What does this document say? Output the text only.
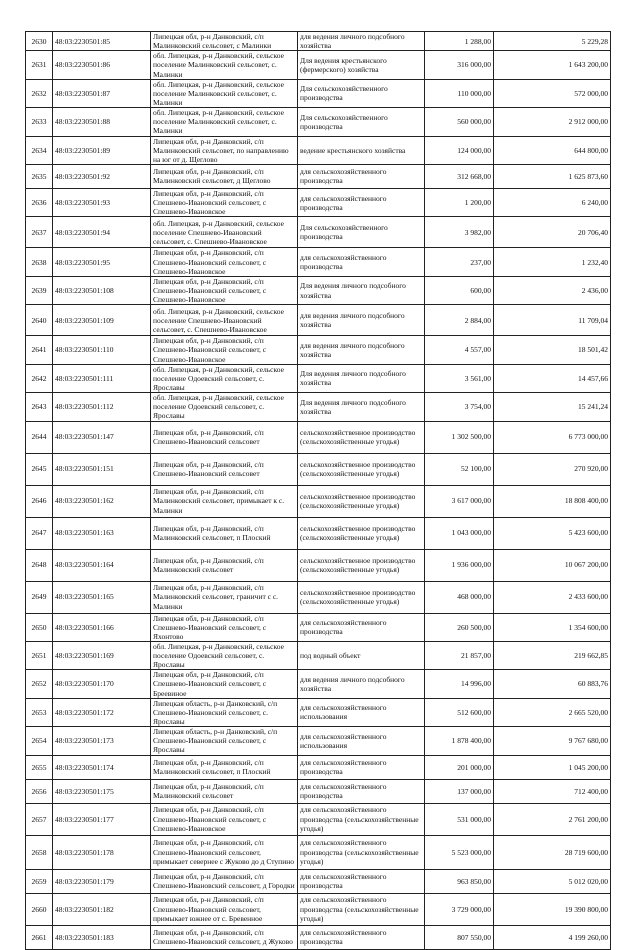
2630	48:03:2230501:85	Липецкая обл, р-н Данковский, с/п Малинковский сельсовет, с Малинки	для ведения личного подсобного хозяйства	1 288,00	5 229,28
2631	48:03:2230501:86	обл. Липецкая, р-н Данковский, сельское поселение Малинковский сельсовет, с. Малинки	Для ведения крестьянского (фермерского) хозяйства	316 000,00	1 643 200,00
2632	48:03:2230501:87	обл. Липецкая, р-н Данковский, сельское поселение Малинковский сельсовет, с. Малинки	Для сельскохозяйственного производства	110 000,00	572 000,00
2633	48:03:2230501:88	обл. Липецкая, р-н Данковский, сельское поселение Малинковский сельсовет, с. Малинки	Для сельскохозяйственного производства	560 000,00	2 912 000,00
2634	48:03:2230501:89	Липецкая обл, р-н Данковский, с/п Малинковский сельсовет, по направлению на юг от д. Щеглово	ведение крестьянского хозяйства	124 000,00	644 800,00
2635	48:03:2230501:92	Липецкая обл, р-н Данковский, с/п Малинковский сельсовет, д Щеглово	для сельскохозяйственного производства	312 668,00	1 625 873,60
2636	48:03:2230501:93	Липецкая обл, р-н Данковский, с/п Спешнево-Ивановский сельсовет, с Спешнево-Ивановское	для сельскохозяйственного производства	1 200,00	6 240,00
2637	48:03:2230501:94	обл. Липецкая, р-н Данковский, сельское поселение Спешнево-Ивановский сельсовет, с. Спешнево-Ивановское	Для сельскохозяйственного производства	3 982,00	20 706,40
2638	48:03:2230501:95	Липецкая обл, р-н Данковский, с/п Спешнево-Ивановский сельсовет, с Спешнево-Ивановское	для сельскохозяйственного производства	237,00	1 232,40
2639	48:03:2230501:108	Липецкая обл, р-н Данковский, с/п Спешнево-Ивановский сельсовет, с Спешнево-Ивановское	Для ведения личного подсобного хозяйства	600,00	2 436,00
2640	48:03:2230501:109	обл. Липецкая, р-н Данковский, сельское поселение Спешнево-Ивановский сельсовет, с. Спешнево-Ивановское	для ведения личного подсобного хозяйства	2 884,00	11 709,04
2641	48:03:2230501:110	Липецкая обл, р-н Данковский, с/п Спешнево-Ивановский сельсовет, с Спешнево-Ивановское	для ведения личного подсобного хозяйства	4 557,00	18 501,42
2642	48:03:2230501:111	обл. Липецкая, р-н Данковский, сельское поселение Одоевский сельсовет, с. Ярославы	Для ведения личного подсобного хозяйства	3 561,00	14 457,66
2643	48:03:2230501:112	обл. Липецкая, р-н Данковский, сельское поселение Одоевский сельсовет, с. Ярославы	Для ведения личного подсобного хозяйства	3 754,00	15 241,24
2644	48:03:2230501:147	Липецкая обл, р-н Данковский, с/п Спешнево-Ивановский сельсовет	сельскохозяйственное производство (сельскохозяйственные угодья)	1 302 500,00	6 773 000,00
2645	48:03:2230501:151	Липецкая обл, р-н Данковский, с/п Спешнево-Ивановский сельсовет	сельскохозяйственное производство (сельскохозяйственные угодья)	52 100,00	270 920,00
2646	48:03:2230501:162	Липецкая обл, р-н Данковский, с/п Малинковский сельсовет, примыкает к с. Малинки	сельскохозяйственное производство (сельскохозяйственные угодья)	3 617 000,00	18 808 400,00
2647	48:03:2230501:163	Липецкая обл, р-н Данковский, с/п Малинковский сельсовет, п Плоский	сельскохозяйственное производство (сельскохозяйственные угодья)	1 043 000,00	5 423 600,00
2648	48:03:2230501:164	Липецкая обл, р-н Данковский, с/п Малинковский сельсовет	сельскохозяйственное производство (сельскохозяйственные угодья)	1 936 000,00	10 067 200,00
2649	48:03:2230501:165	Липецкая обл, р-н Данковский, с/п Малинковский сельсовет, граничит с с. Малинки	сельскохозяйственное производство (сельскохозяйственные угодья)	468 000,00	2 433 600,00
2650	48:03:2230501:166	Липецкая обл, р-н Данковский, с/п Спешнево-Ивановский сельсовет, с Яхонтово	для сельскохозяйственного производства	260 500,00	1 354 600,00
2651	48:03:2230501:169	обл. Липецкая, р-н Данковский, сельское поселение Одоевский сельсовет, с. Ярославы	под водный объект	21 857,00	219 662,85
2652	48:03:2230501:170	Липецкая обл, р-н Данковский, с/п Спешнево-Ивановский сельсовет, с Бреевиное	для ведения личного подсобного хозяйства	14 996,00	60 883,76
2653	48:03:2230501:172	Липецкая область, р-н Данковский, с/п Спешнево-Ивановский сельсовет, с. Ярославы	для сельскохозяйственного использования	512 600,00	2 665 520,00
2654	48:03:2230501:173	Липецкая область, р-н Данковский, с/п Спешнево-Ивановский сельсовет, с Ярославы	для сельскохозяйственного использования	1 878 400,00	9 767 680,00
2655	48:03:2230501:174	Липецкая обл, р-н Данковский, с/п Малинковский сельсовет, п Плоский	для сельскохозяйственного производства	201 000,00	1 045 200,00
2656	48:03:2230501:175	Липецкая обл, р-н Данковский, с/п Малинковский сельсовет	для сельскохозяйственного производства	137 000,00	712 400,00
2657	48:03:2230501:177	Липецкая обл, р-н Данковский, с/п Спешнево-Ивановский сельсовет, с Спешнево-Ивановское	для сельскохозяйственного производства (сельскохозяйственные угодья)	531 000,00	2 761 200,00
2658	48:03:2230501:178	Липецкая обл, р-н Данковский, с/п Спешнево-Ивановский сельсовет, примыкает севернее с Жуково до д Ступино	для сельскохозяйственного производства (сельскохозяйственные угодья)	5 523 000,00	28 719 600,00
2659	48:03:2230501:179	Липецкая обл, р-н Данковский, с/п Спешнево-Ивановский сельсовет, д Городки	для сельскохозяйственного производства	963 850,00	5 012 020,00
2660	48:03:2230501:182	Липецкая обл, р-н Данковский, с/п Спешнево-Ивановский сельсовет, примыкает южнее от с. Бревенное	для сельскохозяйственного производства (сельскохозяйственные угодья)	3 729 000,00	19 390 800,00
2661	48:03:2230501:183	Липецкая обл, р-н Данковский, с/п Спешнево-Ивановский сельсовет, д Жуково	для сельскохозяйственного производства	807 550,00	4 199 260,00
